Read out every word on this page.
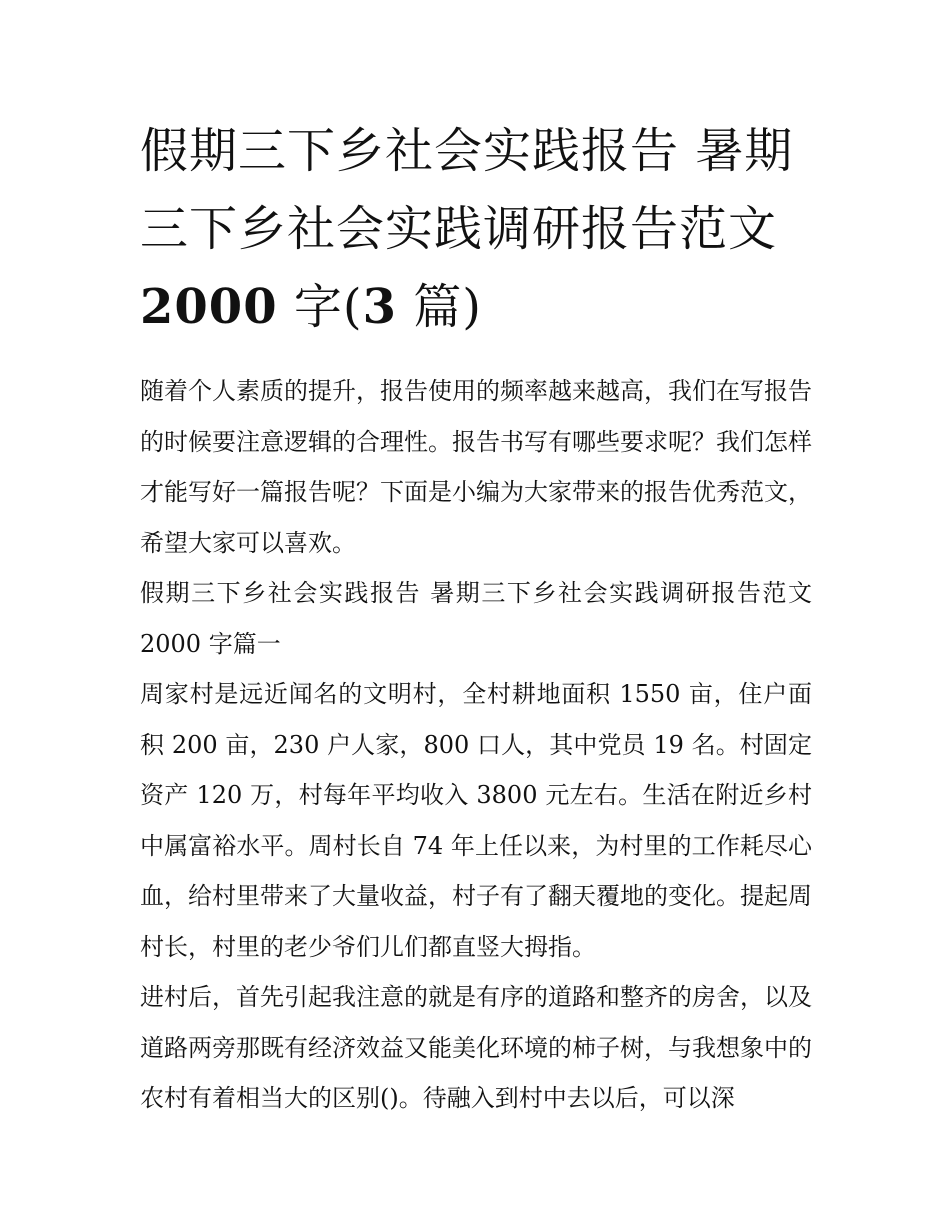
假期三下乡社会实践报告 暑期三下乡社会实践调研报告范文
2000 字(3 篇)

随着个人素质的提升，报告使用的频率越来越高，我们在写报告的时候要注意逻辑的合理性。报告书写有哪些要求呢？我们怎样才能写好一篇报告呢？下面是小编为大家带来的报告优秀范文，希望大家可以喜欢。

假期三下乡社会实践报告 暑期三下乡社会实践调研报告范文 2000 字篇一

周家村是远近闻名的文明村，全村耕地面积 1550 亩，住户面积 200 亩，230 户人家，800 口人，其中党员 19 名。村固定资产 120 万，村每年平均收入 3800 元左右。生活在附近乡村中属富裕水平。周村长自 74 年上任以来，为村里的工作耗尽心血，给村里带来了大量收益，村子有了翻天覆地的变化。提起周村长，村里的老少爷们儿们都直竖大拇指。

进村后，首先引起我注意的就是有序的道路和整齐的房舍，以及道路两旁那既有经济效益又能美化环境的柿子树，与我想象中的农村有着相当大的区别()。待融入到村中去以后，可以深
